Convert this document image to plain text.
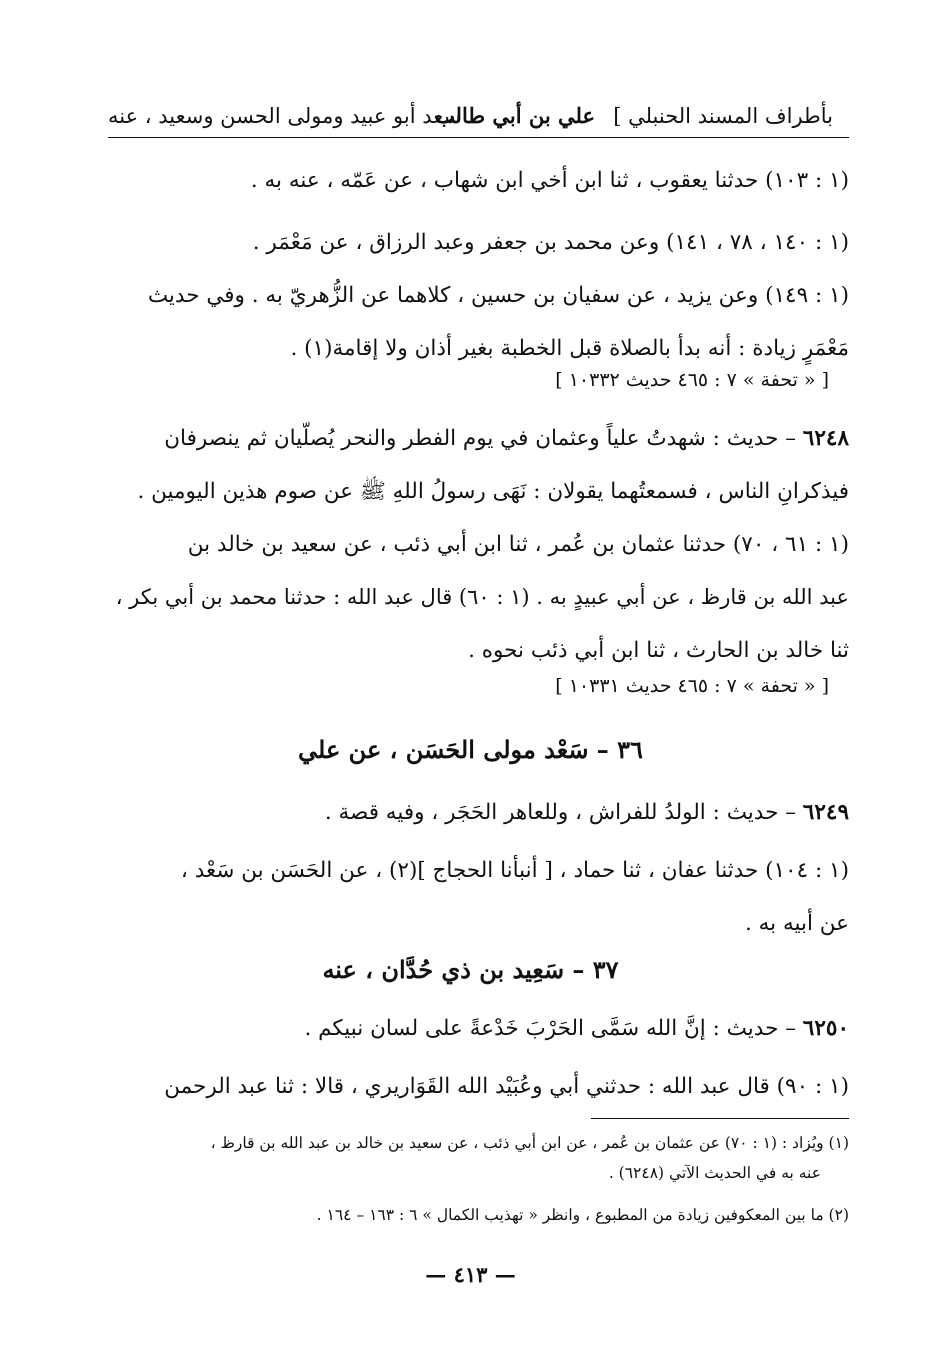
بأطراف المسند الحنبلي ]
علي بن أبي طالب
سعد أبو عبيد ومولى الحسن وسعيد ، عنه
(١ : ١٠٣) حدثنا يعقوب ، ثنا ابن أخي ابن شهاب ، عن عَمّه ، عنه به .
(١ : ١٤٠ ، ٧٨ ، ١٤١) وعن محمد بن جعفر وعبد الرزاق ، عن مَعْمَر .
(١ : ١٤٩) وعن يزيد ، عن سفيان بن حسين ، كلاهما عن الزُّهريّ به . وفي حديث
مَعْمَرٍ زيادة : أنه بدأ بالصلاة قبل الخطبة بغير أذان ولا إقامة(١) .
[ « تحفة » ٧ : ٤٦٥ حديث ١٠٣٣٢ ]
٦٢٤٨ – حديث : شهدتُ علياً وعثمان في يوم الفطر والنحر يُصلّيان ثم ينصرفان
فيذكرانِ الناس ، فسمعتُهما يقولان : نَهَى رسولُ اللهِ ﷺ عن صوم هذين اليومين .
(١ : ٦١ ، ٧٠) حدثنا عثمان بن عُمر ، ثنا ابن أبي ذئب ، عن سعيد بن خالد بن
عبد الله بن قارظ ، عن أبي عبيدٍ به . (١ : ٦٠) قال عبد الله : حدثنا محمد بن أبي بكر ،
ثنا خالد بن الحارث ، ثنا ابن أبي ذئب نحوه .
[ « تحفة » ٧ : ٤٦٥ حديث ١٠٣٣١ ]
٣٦ – سَعْد مولى الحَسَن ، عن علي
٦٢٤٩ – حديث : الولدُ للفراش ، وللعاهر الحَجَر ، وفيه قصة .
(١ : ١٠٤) حدثنا عفان ، ثنا حماد ، [ أنبأنا الحجاج ](٢) ، عن الحَسَن بن سَعْد ،
عن أبيه به .
٣٧ – سَعِيد بن ذي حُدَّان ، عنه
٦٢٥٠ – حديث : إنَّ الله سَمَّى الحَرْبَ خَدْعةً على لسان نبيكم .
(١ : ٩٠) قال عبد الله : حدثني أبي وعُبَيْد الله القَوَاريري ، قالا : ثنا عبد الرحمن
(١) ويُزاد : (١ : ٧٠) عن عثمان بن عُمر ، عن ابن أبي ذئب ، عن سعيد بن خالد بن عبد الله بن قارظ ،
عنه به في الحديث الآتي (٦٢٤٨) .
(٢) ما بين المعكوفين زيادة من المطبوع ، وانظر « تهذيب الكمال » ٦ : ١٦٣ – ١٦٤ .
— ٤١٣ —
